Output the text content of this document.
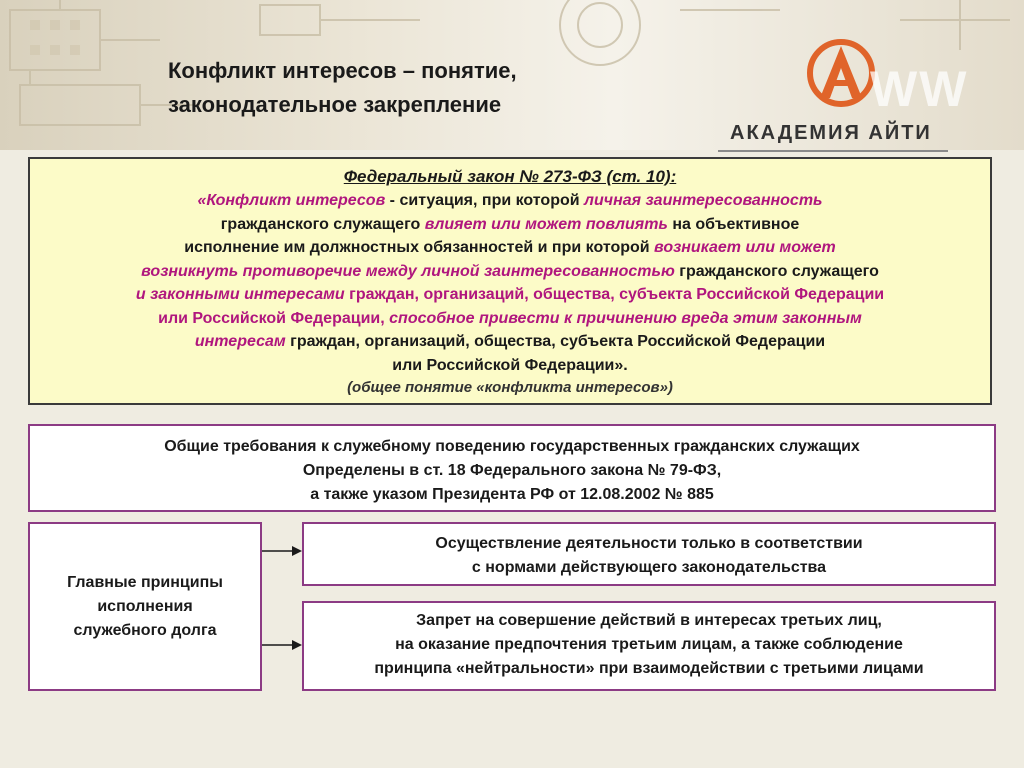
Конфликт интересов – понятие,
законодательное закрепление	WW
АКАДЕМИЯ АЙТИ
Федеральный закон № 273-ФЗ (ст. 10):
«Конфликт интересов - ситуация, при которой личная заинтересованность
гражданского служащего влияет или может повлиять на объективное
исполнение им должностных обязанностей и при которой возникает или может
возникнуть противоречие между личной заинтересованностью гражданского служащего
и законными интересами граждан, организаций, общества, субъекта Российской Федерации
или Российской Федерации, способное привести к причинению вреда этим законным
интересам граждан, организаций, общества, субъекта Российской Федерации
или Российской Федерации».
(общее понятие «конфликта интересов»)
Общие требования к служебному поведению государственных гражданских служащих
Определены в ст. 18 Федерального закона № 79-ФЗ,
а также указом Президента РФ от 12.08.2002 № 885
Главные принципы
исполнения
служебного долга
Осуществление деятельности только в соответствии
с нормами действующего законодательства
Запрет на совершение действий в интересах третьих лиц,
на оказание предпочтения третьим лицам, а также соблюдение
принципа «нейтральности» при взаимодействии с третьими лицами
